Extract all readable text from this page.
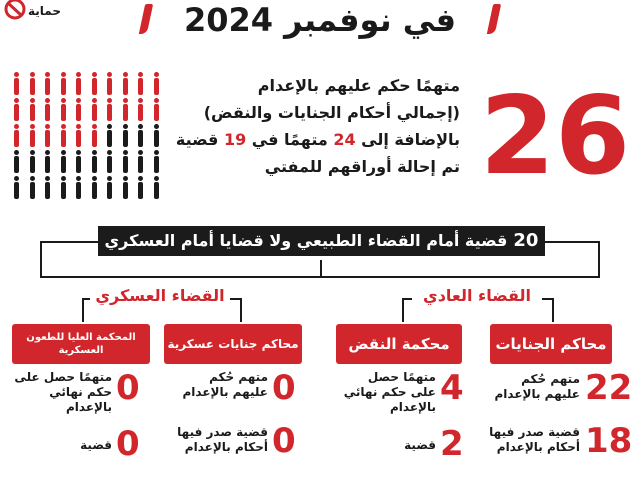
حماية	في نوفمبر 2024
متهمًا حكم عليهم بالإعدام
(إجمالي أحكام الجنايات والنقض)
بالإضافة إلى 24 متهمًا في 19 قضية
تم إحالة أوراقهم للمفتي 26
20قضية أمام القضاء الطبيعي ولا قضايا أمام العسكري
القضاء العسكري	القضاء العادي
محاكم الجنايات
محكمة النقض
محاكم جنايات عسكرية
المحكمة العليا للطعون العسكرية
22
متهم حُكم عليهم بالإعدام
18
قضية صدر فيها أحكام بالإعدام
4
متهمًا حصل على حكم نهائي بالإعدام
2
قضية
0
متهم حُكم عليهم بالإعدام
0
قضية صدر فيها أحكام بالإعدام
0
متهمًا حصل على حكم نهائي بالإعدام
0
قضية
